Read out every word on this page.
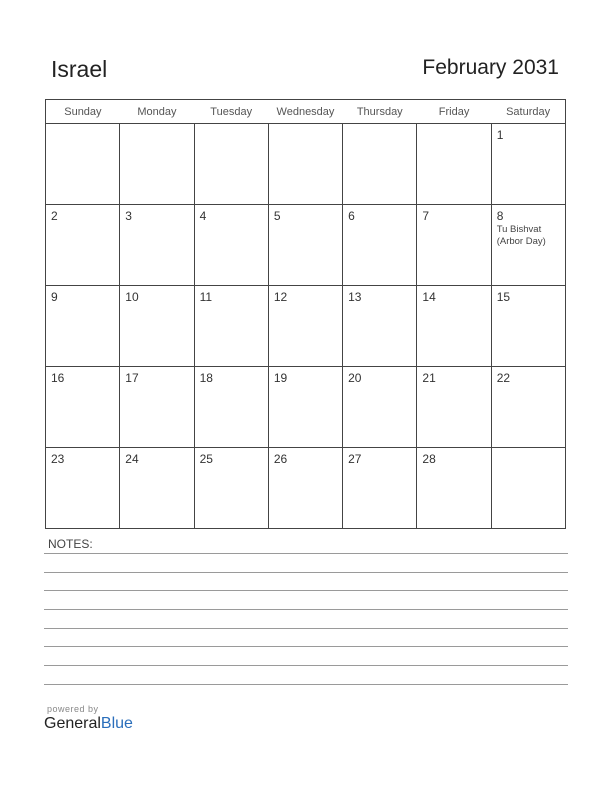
Israel	February 2031
Sunday	Monday	Tuesday	Wednesday	Thursday	Friday	Saturday

						1

2	3	4	5	6	7	8
Tu Bishvat (Arbor Day)

9	10	11	12	13	14	15

16	17	18	19	20	21	22

23	24	25	26	27	28	

NOTES:
powered by
GeneralBlue
